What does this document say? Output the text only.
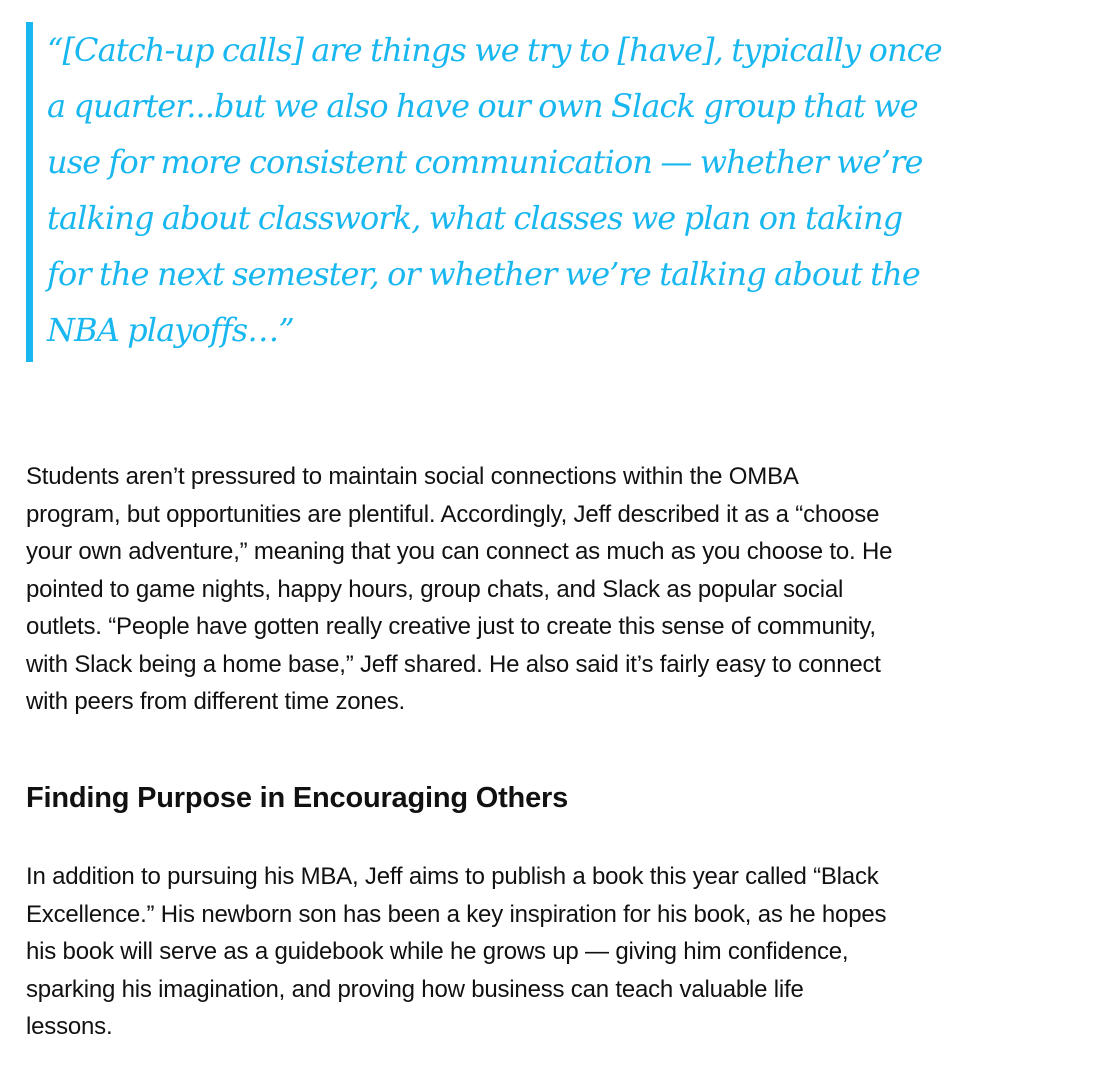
“[Catch-up calls] are things we try to [have], typically once
a quarter...but we also have our own Slack group that we
use for more consistent communication — whether we’re
talking about classwork, what classes we plan on taking
for the next semester, or whether we’re talking about the
NBA playoffs…”

Students aren’t pressured to maintain social connections within the OMBA
program, but opportunities are plentiful. Accordingly, Jeff described it as a “choose
your own adventure,” meaning that you can connect as much as you choose to. He
pointed to game nights, happy hours, group chats, and Slack as popular social
outlets. “People have gotten really creative just to create this sense of community,
with Slack being a home base,” Jeff shared. He also said it’s fairly easy to connect
with peers from different time zones.

Finding Purpose in Encouraging Others

In addition to pursuing his MBA, Jeff aims to publish a book this year called “Black
Excellence.” His newborn son has been a key inspiration for his book, as he hopes
his book will serve as a guidebook while he grows up — giving him confidence,
sparking his imagination, and proving how business can teach valuable life
lessons.
